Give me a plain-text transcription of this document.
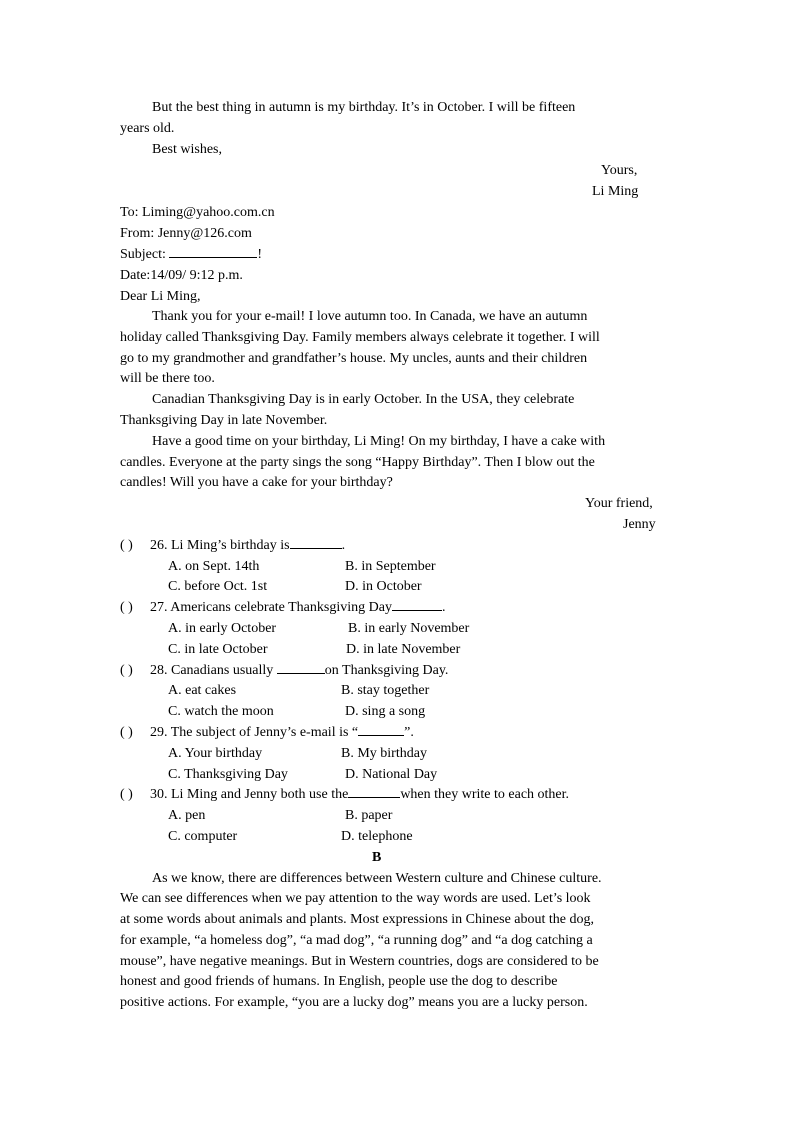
But the best thing in autumn is my birthday. It’s in October. I will be fifteen
years old.
Best wishes,
Yours,
Li Ming
To: Liming@yahoo.com.cn
From: Jenny@126.com
Subject:	!
Date:14/09/ 9:12 p.m.
Dear Li Ming,
Thank you for your e-mail! I love autumn too. In Canada, we have an autumn
holiday called Thanksgiving Day. Family members always celebrate it together. I will
go to my grandmother and grandfather’s house. My uncles, aunts and their children
will be there too.
Canadian Thanksgiving Day is in early October. In the USA, they celebrate
Thanksgiving Day in late November.
Have a good time on your birthday, Li Ming! On my birthday, I have a cake with
candles. Everyone at the party sings the song “Happy Birthday”. Then I blow out the
candles! Will you have a cake for your birthday?
Your friend,
Jenny
( ) 26. Li Ming’s birthday is	.
A. on Sept. 14th	B. in September
C. before Oct. 1st	D. in October
( ) 27. Americans celebrate Thanksgiving Day	.
A. in early October	B. in early November
C. in late October	D. in late November
( ) 28. Canadians usually	on Thanksgiving Day.
A. eat cakes	B. stay together
C. watch the moon	D. sing a song
( ) 29. The subject of Jenny’s e-mail is “	”.
A. Your birthday	B. My birthday
C. Thanksgiving Day	D. National Day
( ) 30. Li Ming and Jenny both use the	when they write to each other.
A. pen	B. paper
C. computer	D. telephone
B
As we know, there are differences between Western culture and Chinese culture.
We can see differences when we pay attention to the way words are used. Let’s look
at some words about animals and plants. Most expressions in Chinese about the dog,
for example, “a homeless dog”, “a mad dog”, “a running dog” and “a dog catching a
mouse”, have negative meanings. But in Western countries, dogs are considered to be
honest and good friends of humans. In English, people use the dog to describe
positive actions. For example, “you are a lucky dog” means you are a lucky person.
